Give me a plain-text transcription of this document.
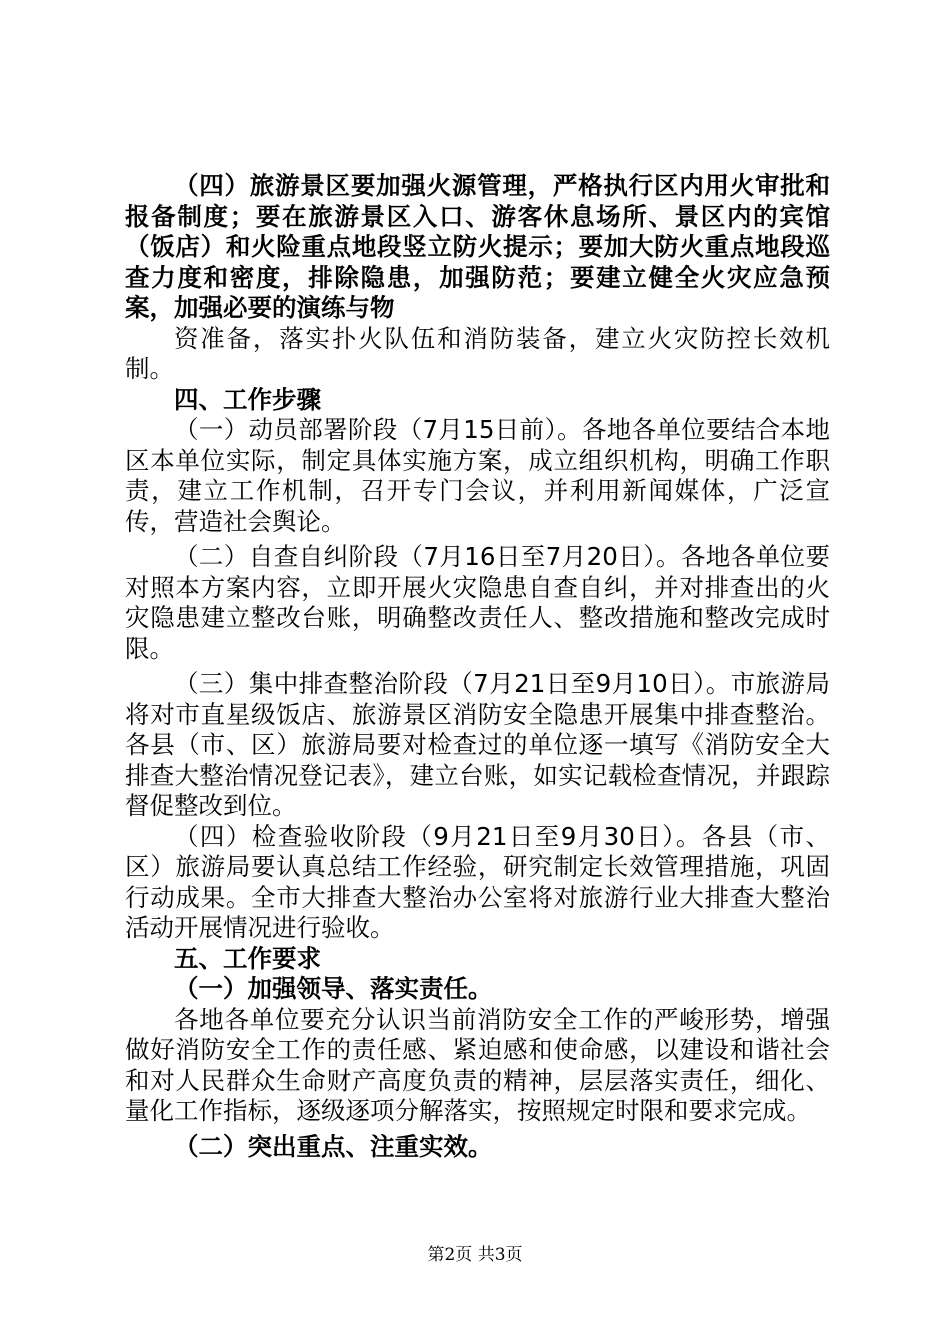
（四）旅游景区要加强火源管理，严格执行区内用火审批和报备制度；要在旅游景区入口、游客休息场所、景区内的宾馆（饭店）和火险重点地段竖立防火提示；要加大防火重点地段巡查力度和密度，排除隐患，加强防范；要建立健全火灾应急预案，加强必要的演练与物

资准备，落实扑火队伍和消防装备，建立火灾防控长效机制。

四、工作步骤

（一）动员部署阶段（7月15日前）。各地各单位要结合本地区本单位实际，制定具体实施方案，成立组织机构，明确工作职责，建立工作机制，召开专门会议，并利用新闻媒体，广泛宣传，营造社会舆论。

（二）自查自纠阶段（7月16日至7月20日）。各地各单位要对照本方案内容，立即开展火灾隐患自查自纠，并对排查出的火灾隐患建立整改台账，明确整改责任人、整改措施和整改完成时限。

（三）集中排查整治阶段（7月21日至9月10日）。市旅游局将对市直星级饭店、旅游景区消防安全隐患开展集中排查整治。各县（市、区）旅游局要对检查过的单位逐一填写《消防安全大排查大整治情况登记表》，建立台账，如实记载检查情况，并跟踪督促整改到位。

（四）检查验收阶段（9月21日至9月30日）。各县（市、区）旅游局要认真总结工作经验，研究制定长效管理措施，巩固行动成果。全市大排查大整治办公室将对旅游行业大排查大整治活动开展情况进行验收。

五、工作要求

（一）加强领导、落实责任。

各地各单位要充分认识当前消防安全工作的严峻形势，增强做好消防安全工作的责任感、紧迫感和使命感，以建设和谐社会和对人民群众生命财产高度负责的精神，层层落实责任，细化、量化工作指标，逐级逐项分解落实，按照规定时限和要求完成。

（二）突出重点、注重实效。

第2页 共3页
